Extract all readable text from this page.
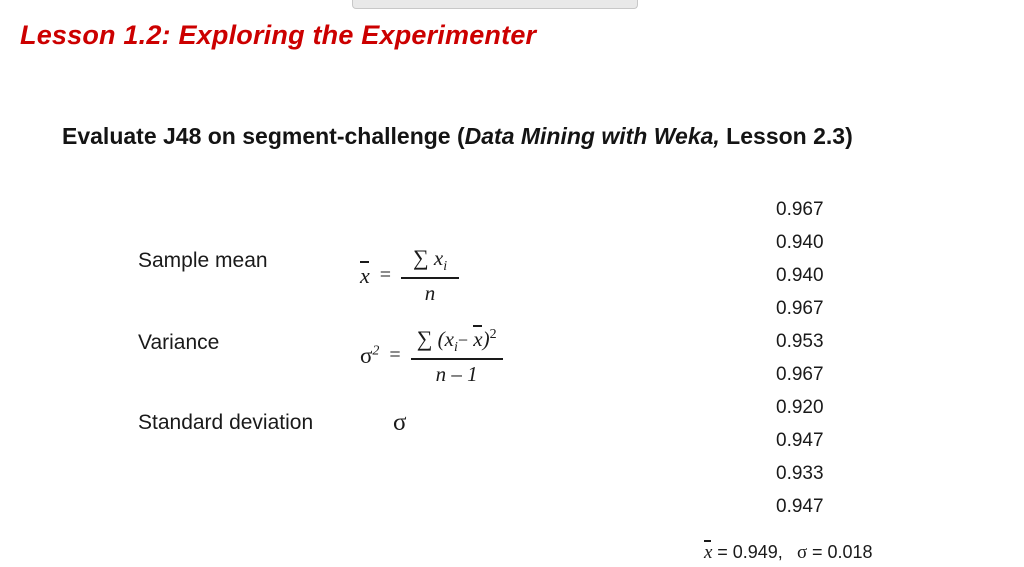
Lesson 1.2: Exploring the Experimenter
Evaluate J48 on segment-challenge (Data Mining with Weka, Lesson 2.3)
Sample mean
$x = \frac{\sum x_i}{n}$
Variance
$\sigma^2 = \frac{\sum (x_i- x)^2}{n - 1}$
Standard deviation	σ
0.967
0.940
0.940
0.967
0.953
0.967
0.920
0.947
0.933
0.947
x = 0.949, σ = 0.018
